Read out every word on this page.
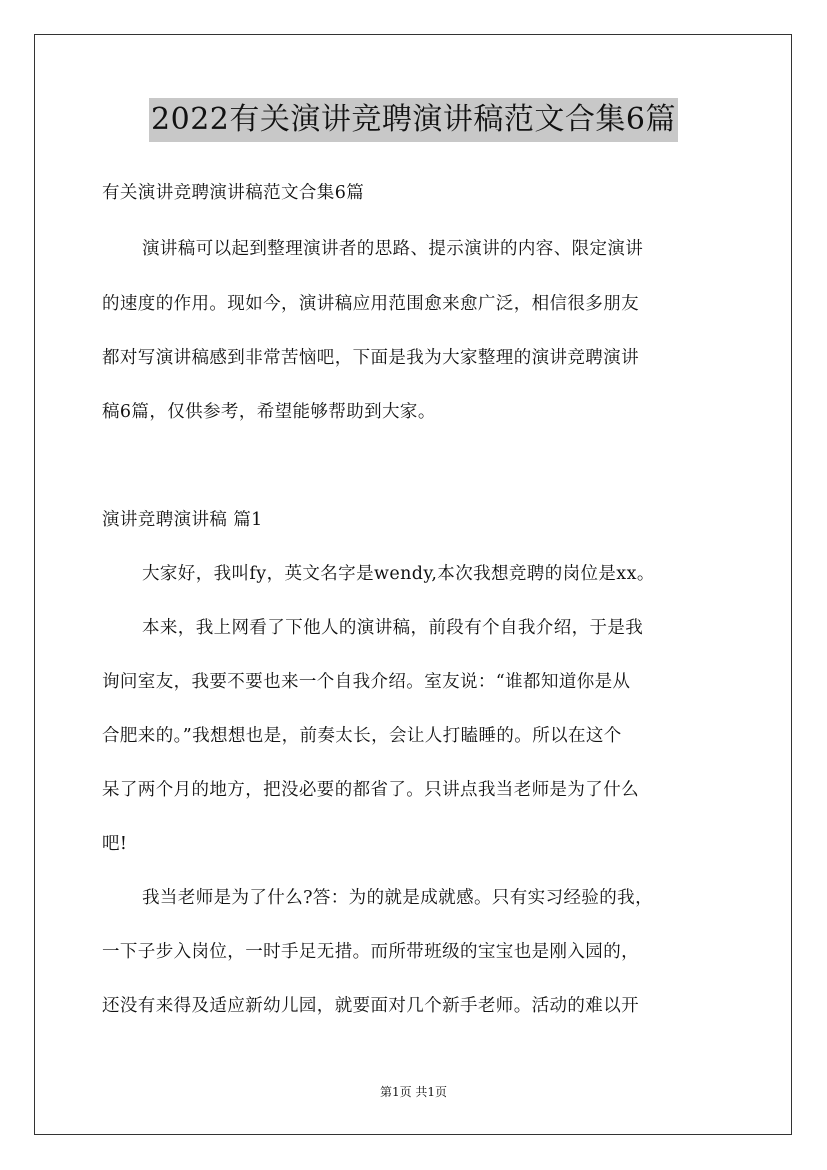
2022有关演讲竞聘演讲稿范文合集6篇
有关演讲竞聘演讲稿范文合集6篇
演讲稿可以起到整理演讲者的思路、提示演讲的内容、限定演讲
的速度的作用。现如今，演讲稿应用范围愈来愈广泛，相信很多朋友
都对写演讲稿感到非常苦恼吧，下面是我为大家整理的演讲竞聘演讲
稿6篇，仅供参考，希望能够帮助到大家。
演讲竞聘演讲稿 篇1
大家好，我叫fy，英文名字是wendy,本次我想竞聘的岗位是xx。
本来，我上网看了下他人的演讲稿，前段有个自我介绍，于是我
询问室友，我要不要也来一个自我介绍。室友说：“谁都知道你是从
合肥来的。”我想想也是，前奏太长，会让人打瞌睡的。所以在这个
呆了两个月的地方，把没必要的都省了。只讲点我当老师是为了什么
吧!
我当老师是为了什么?答：为的就是成就感。只有实习经验的我，
一下子步入岗位，一时手足无措。而所带班级的宝宝也是刚入园的，
还没有来得及适应新幼儿园，就要面对几个新手老师。活动的难以开
第1页 共1页
